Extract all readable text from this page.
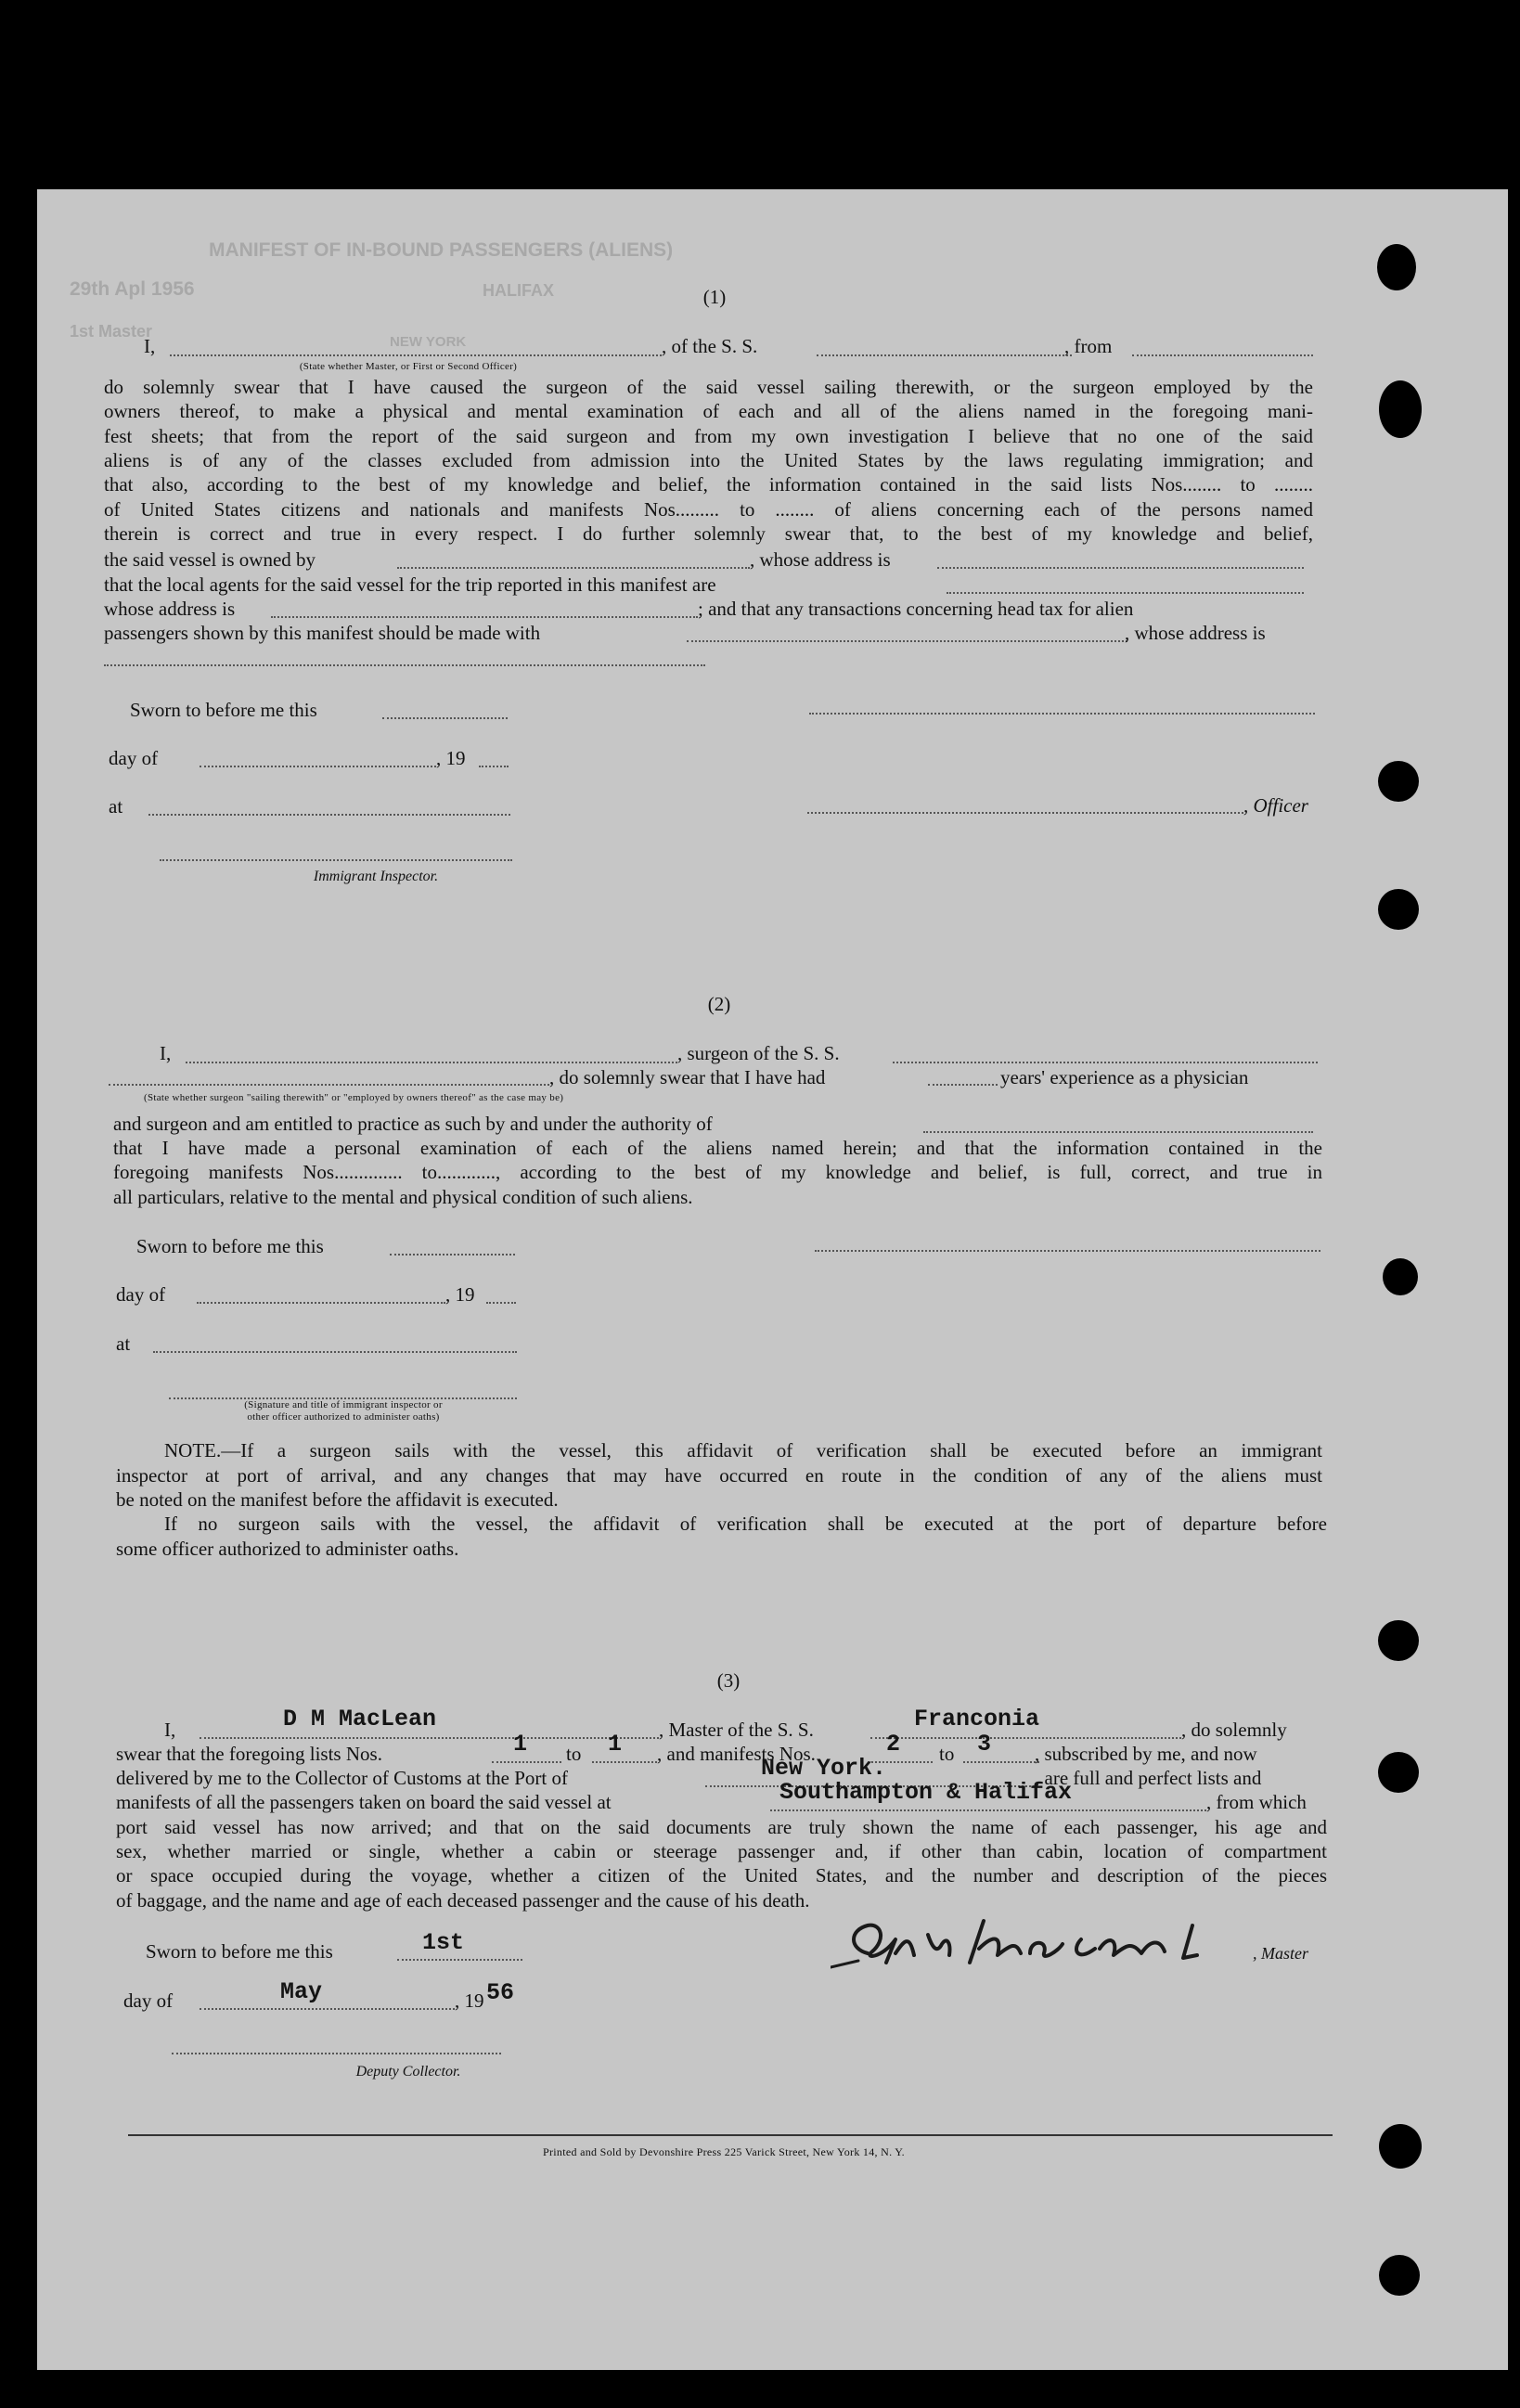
MANIFEST OF IN-BOUND PASSENGERS (ALIENS)
29th Apl 1956	HALIFAX
1st Master
NEW YORK
(1)
I,	, of the S. S.	, from
(State whether Master, or First or Second Officer)
do solemnly swear that I have caused the surgeon of the said vessel sailing therewith, or the surgeon employed by the
owners thereof, to make a physical and mental examination of each and all of the aliens named in the foregoing mani-
fest sheets; that from the report of the said surgeon and from my own investigation I believe that no one of the said
aliens is of any of the classes excluded from admission into the United States by the laws regulating immigration; and
that also, according to the best of my knowledge and belief, the information contained in the said lists Nos........ to ........
of United States citizens and nationals and manifests Nos......... to ........ of aliens concerning each of the persons named
therein is correct and true in every respect. I do further solemnly swear that, to the best of my knowledge and belief,
the said vessel is owned by	, whose address is
that the local agents for the said vessel for the trip reported in this manifest are
whose address is	; and that any transactions concerning head tax for alien
passengers shown by this manifest should be made with	, whose address is
Sworn to before me this
day of	, 19
at	, Officer
Immigrant Inspector.
(2)
I,	, surgeon of the S. S.
, do solemnly swear that I have had	years' experience as a physician
(State whether surgeon "sailing therewith" or "employed by owners thereof" as the case may be)
and surgeon and am entitled to practice as such by and under the authority of
that I have made a personal examination of each of the aliens named herein; and that the information contained in the
foregoing manifests Nos.............. to............, according to the best of my knowledge and belief, is full, correct, and true in
all particulars, relative to the mental and physical condition of such aliens.
Sworn to before me this
day of	, 19
at
(Signature and title of immigrant inspector or
other officer authorized to administer oaths)
NOTE.—If a surgeon sails with the vessel, this affidavit of verification shall be executed before an immigrant
inspector at port of arrival, and any changes that may have occurred en route in the condition of any of the aliens must
be noted on the manifest before the affidavit is executed.
If no surgeon sails with the vessel, the affidavit of verification shall be executed at the port of departure before
some officer authorized to administer oaths.
(3)
I,	D M MacLean	, Master of the S. S.	Franconia	, do solemnly
swear that the foregoing lists Nos.	1 to 1 , and manifests Nos.	2 to 3 , subscribed by me, and now
delivered by me to the Collector of Customs at the Port of	New York.	, are full and perfect lists and
manifests of all the passengers taken on board the said vessel at	Southampton & Halifax	, from which
port said vessel has now arrived; and that on the said documents are truly shown the name of each passenger, his age and
sex, whether married or single, whether a cabin or steerage passenger and, if other than cabin, location of compartment
or space occupied during the voyage, whether a citizen of the United States, and the number and description of the pieces
of baggage, and the name and age of each deceased passenger and the cause of his death.
Sworn to before me this	1st	, Master
day of	May	, 19 56
Deputy Collector.
Printed and Sold by Devonshire Press 225 Varick Street, New York 14, N. Y.
